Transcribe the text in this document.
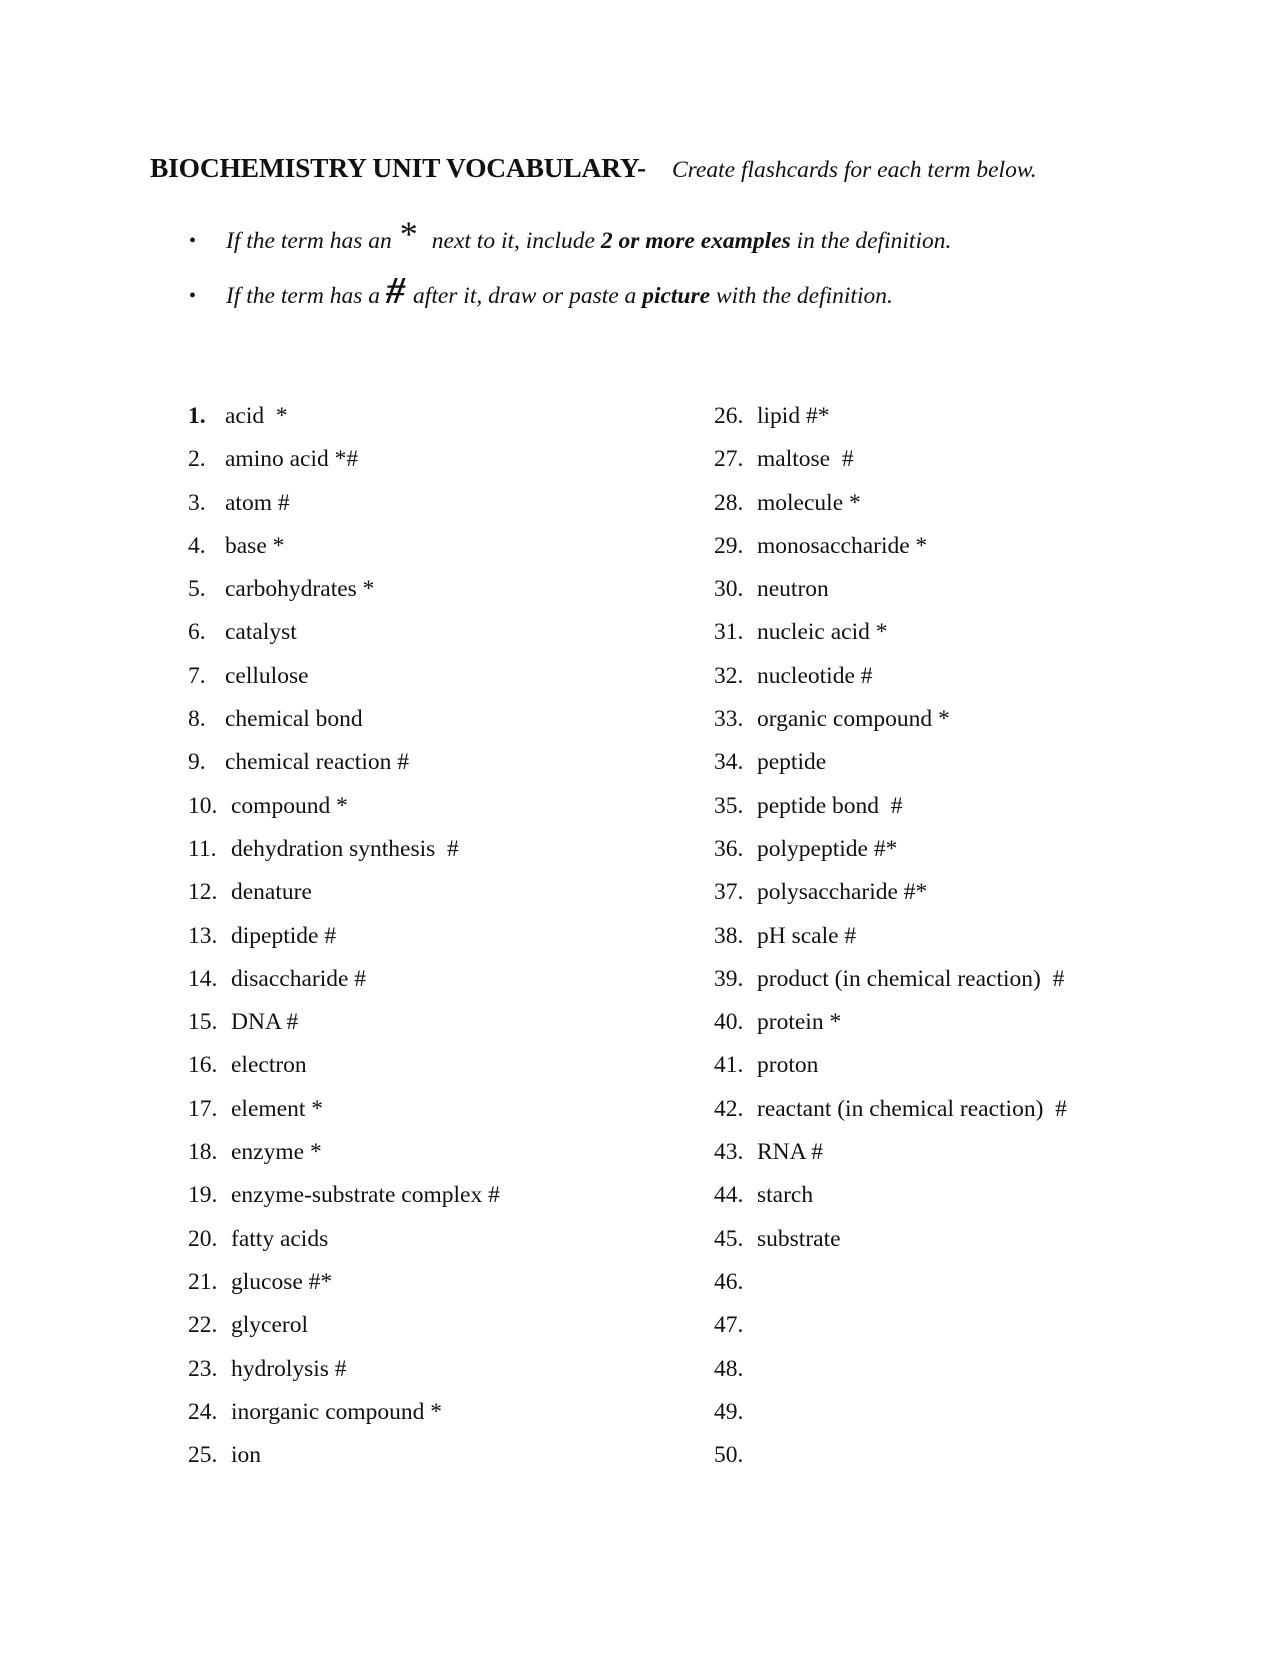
BIOCHEMISTRY UNIT VOCABULARY- Create flashcards for each term below.
• If the term has an * next to it, include 2 or more examples in the definition.
• If the term has a # after it, draw or paste a picture with the definition.
1. acid  *
2. amino acid *#
3. atom #
4. base *
5. carbohydrates *
6. catalyst
7. cellulose
8. chemical bond
9. chemical reaction #
10. compound *
11. dehydration synthesis  #
12. denature
13. dipeptide #
14. disaccharide #
15. DNA #
16. electron
17. element *
18. enzyme *
19. enzyme-substrate complex #
20. fatty acids
21. glucose #*
22. glycerol
23. hydrolysis #
24. inorganic compound *
25. ion
26. lipid #*
27. maltose  #
28. molecule *
29. monosaccharide *
30. neutron
31. nucleic acid *
32. nucleotide #
33. organic compound *
34. peptide
35. peptide bond  #
36. polypeptide #*
37. polysaccharide #*
38. pH scale #
39. product (in chemical reaction)  #
40. protein *
41. proton
42. reactant (in chemical reaction)  #
43. RNA #
44. starch
45. substrate
46.
47.
48.
49.
50.
